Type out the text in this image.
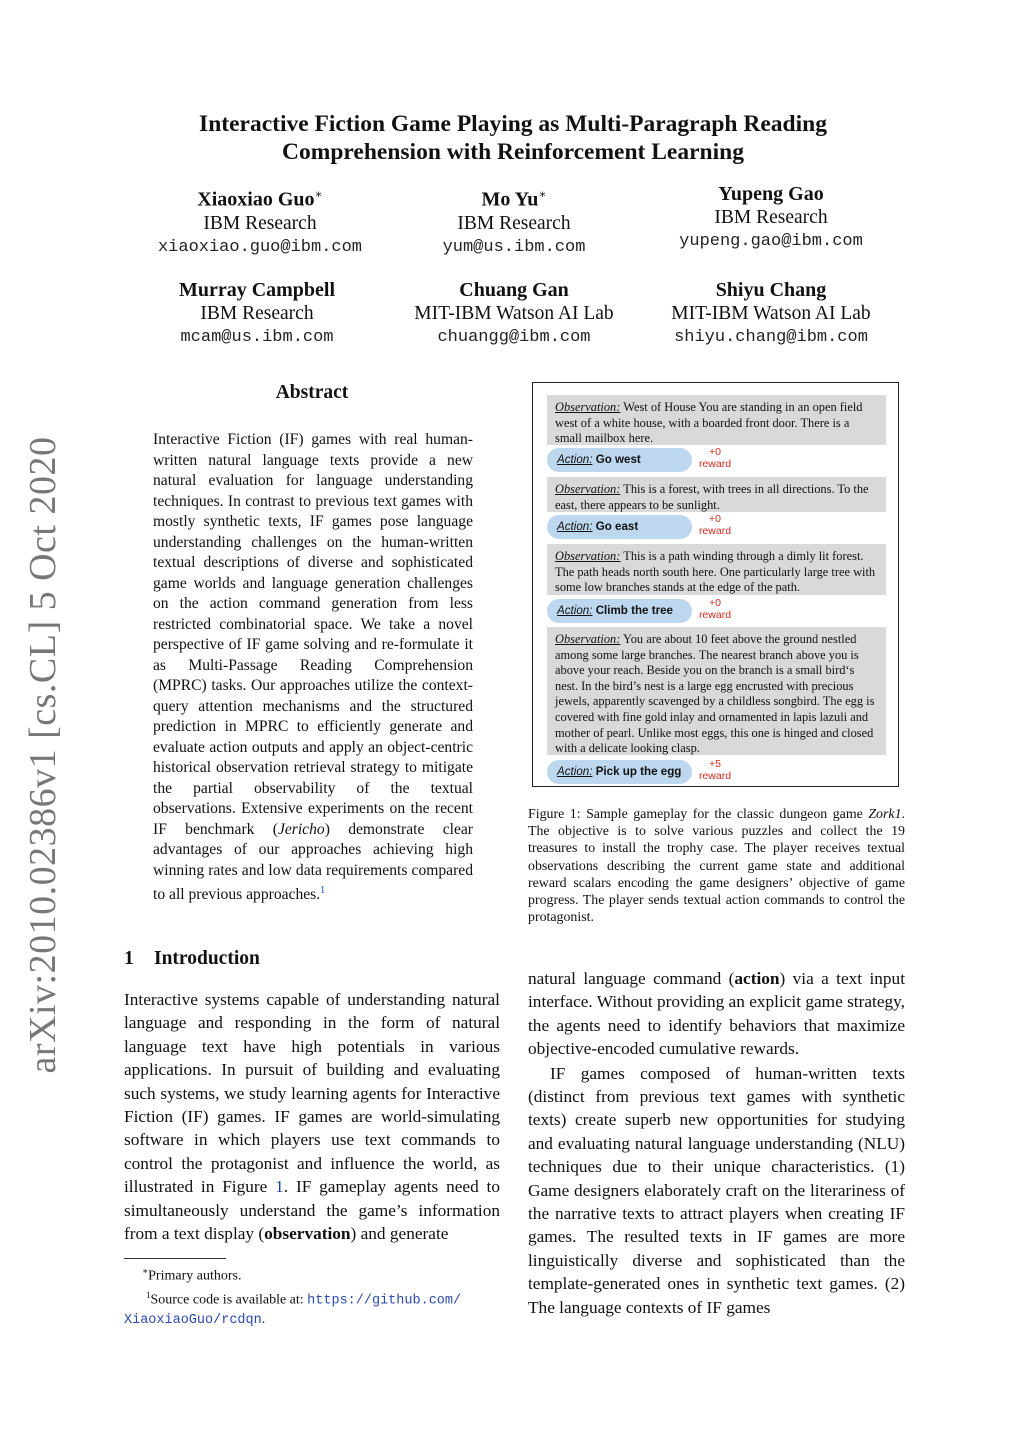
arXiv:2010.02386v1 [cs.CL] 5 Oct 2020
Interactive Fiction Game Playing as Multi-Paragraph Reading
Comprehension with Reinforcement Learning
Xiaoxiao Guo∗
IBM Research
xiaoxiao.guo@ibm.com
Mo Yu∗
IBM Research
yum@us.ibm.com
Yupeng Gao
IBM Research
yupeng.gao@ibm.com
Murray Campbell
IBM Research
mcam@us.ibm.com
Chuang Gan
MIT-IBM Watson AI Lab
chuangg@ibm.com
Shiyu Chang
MIT-IBM Watson AI Lab
shiyu.chang@ibm.com
Abstract
Interactive Fiction (IF) games with real human-written natural language texts provide a new natural evaluation for language understanding techniques. In contrast to previous text games with mostly synthetic texts, IF games pose language understanding challenges on the human-written textual descriptions of diverse and sophisticated game worlds and language generation challenges on the action command generation from less restricted combinatorial space. We take a novel perspective of IF game solving and re-formulate it as Multi-Passage Reading Comprehension (MPRC) tasks. Our approaches utilize the context-query attention mechanisms and the structured prediction in MPRC to efficiently generate and evaluate action outputs and apply an object-centric historical observation retrieval strategy to mitigate the partial observability of the textual observations. Extensive experiments on the recent IF benchmark (Jericho) demonstrate clear advantages of our approaches achieving high winning rates and low data requirements compared to all previous approaches.$^1$
1 Introduction
Interactive systems capable of understanding natural language and responding in the form of natural language text have high potentials in various applications. In pursuit of building and evaluating such systems, we study learning agents for Interactive Fiction (IF) games. IF games are world-simulating software in which players use text commands to control the protagonist and influence the world, as illustrated in Figure 1. IF gameplay agents need to simultaneously understand the game’s information from a text display (observation) and generate
∗Primary authors.
$^1$Source code is available at: https://github.com/
XiaoxiaoGuo/rcdqn.
Observation: West of House You are standing in an open field west of a white house, with a boarded front door. There is a small mailbox here.
Action: Go west
+0
reward
Observation: This is a forest, with trees in all directions. To the east, there appears to be sunlight.
Action: Go east
+0
reward
Observation: This is a path winding through a dimly lit forest. The path heads north south here. One particularly large tree with some low branches stands at the edge of the path.
Action: Climb the tree
+0
reward
Observation: You are about 10 feet above the ground nestled among some large branches. The nearest branch above you is above your reach. Beside you on the branch is a small bird‘s nest. In the bird’s nest is a large egg encrusted with precious jewels, apparently scavenged by a childless songbird. The egg is covered with fine gold inlay and ornamented in lapis lazuli and mother of pearl. Unlike most eggs, this one is hinged and closed with a delicate looking clasp.
Action: Pick up the egg
+5
reward
Figure 1: Sample gameplay for the classic dungeon game Zork1. The objective is to solve various puzzles and collect the 19 treasures to install the trophy case. The player receives textual observations describing the current game state and additional reward scalars encoding the game designers’ objective of game progress. The player sends textual action commands to control the protagonist.

natural language command (action) via a text input interface. Without providing an explicit game strategy, the agents need to identify behaviors that maximize objective-encoded cumulative rewards.

IF games composed of human-written texts (distinct from previous text games with synthetic texts) create superb new opportunities for studying and evaluating natural language understanding (NLU) techniques due to their unique characteristics. (1) Game designers elaborately craft on the literariness of the narrative texts to attract players when creating IF games. The resulted texts in IF games are more linguistically diverse and sophisticated than the template-generated ones in synthetic text games. (2) The language contexts of IF games
